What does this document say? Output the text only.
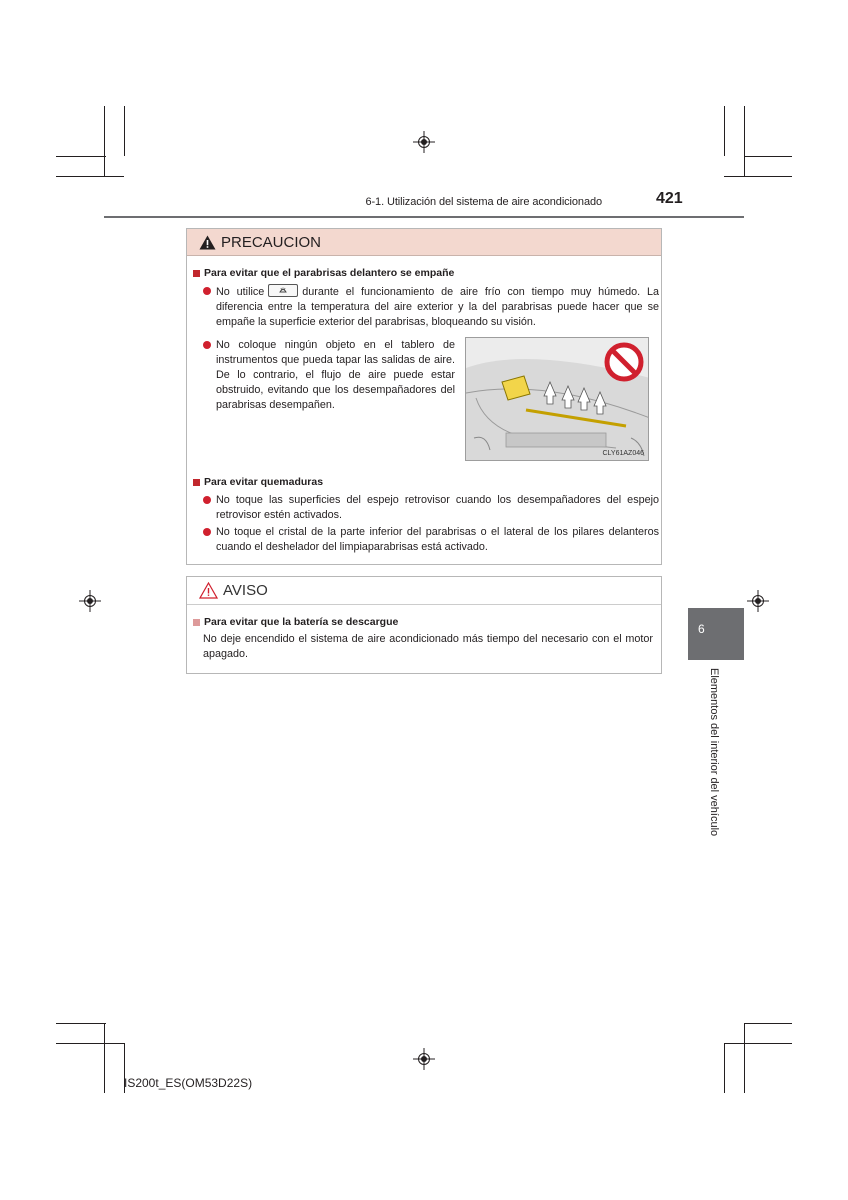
6-1. Utilización del sistema de aire acondicionado	421
PRECAUCION
Para evitar que el parabrisas delantero se empañe
No utilice	durante el funcionamiento de aire frío con tiempo muy húmedo. La diferencia entre la temperatura del aire exterior y la del parabrisas puede hacer que se empañe la superficie exterior del parabrisas, bloqueando su visión.
No coloque ningún objeto en el tablero de instrumentos que pueda tapar las salidas de aire. De lo contrario, el flujo de aire puede estar obstruido, evitando que los desempañadores del parabrisas desempañen.
CLY61AZ046
Para evitar quemaduras
No toque las superficies del espejo retrovisor cuando los desempañadores del espejo retrovisor estén activados.
No toque el cristal de la parte inferior del parabrisas o el lateral de los pilares delanteros cuando el deshelador del limpiaparabrisas está activado.
AVISO
Para evitar que la batería se descargue
No deje encendido el sistema de aire acondicionado más tiempo del necesario con el motor apagado.
6
Elementos del interior del vehículo
IS200t_ES(OM53D22S)
